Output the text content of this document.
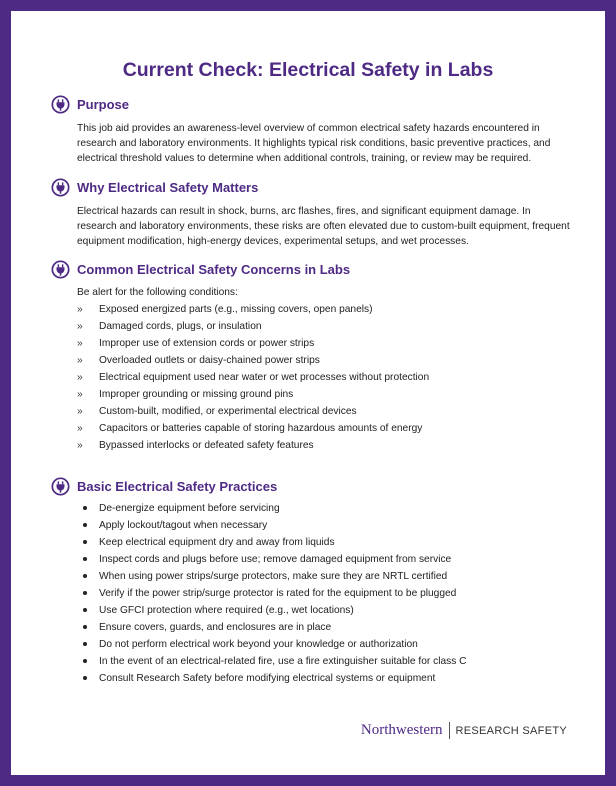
Current Check: Electrical Safety in Labs
Purpose

This job aid provides an awareness-level overview of common electrical safety hazards encountered in research and laboratory environments. It highlights typical risk conditions, basic preventive practices, and electrical threshold values to determine when additional controls, training, or review may be required.

Why Electrical Safety Matters

Electrical hazards can result in shock, burns, arc flashes, fires, and significant equipment damage. In research and laboratory environments, these risks are often elevated due to custom-built equipment, frequent equipment modification, high-energy devices, experimental setups, and wet processes.

Common Electrical Safety Concerns in Labs

Be alert for the following conditions:

»	Exposed energized parts (e.g., missing covers, open panels)
»	Damaged cords, plugs, or insulation
»	Improper use of extension cords or power strips
»	Overloaded outlets or daisy-chained power strips
»	Electrical equipment used near water or wet processes without protection
»	Improper grounding or missing ground pins
»	Custom-built, modified, or experimental electrical devices
»	Capacitors or batteries capable of storing hazardous amounts of energy
»	Bypassed interlocks or defeated safety features
Basic Electrical Safety Practices
De-energize equipment before servicing
Apply lockout/tagout when necessary
Keep electrical equipment dry and away from liquids
Inspect cords and plugs before use; remove damaged equipment from service
When using power strips/surge protectors, make sure they are NRTL certified
Verify if the power strip/surge protector is rated for the equipment to be plugged
Use GFCI protection where required (e.g., wet locations)
Ensure covers, guards, and enclosures are in place
Do not perform electrical work beyond your knowledge or authorization
In the event of an electrical-related fire, use a fire extinguisher suitable for class C
Consult Research Safety before modifying electrical systems or equipment
Northwestern RESEARCH SAFETY
